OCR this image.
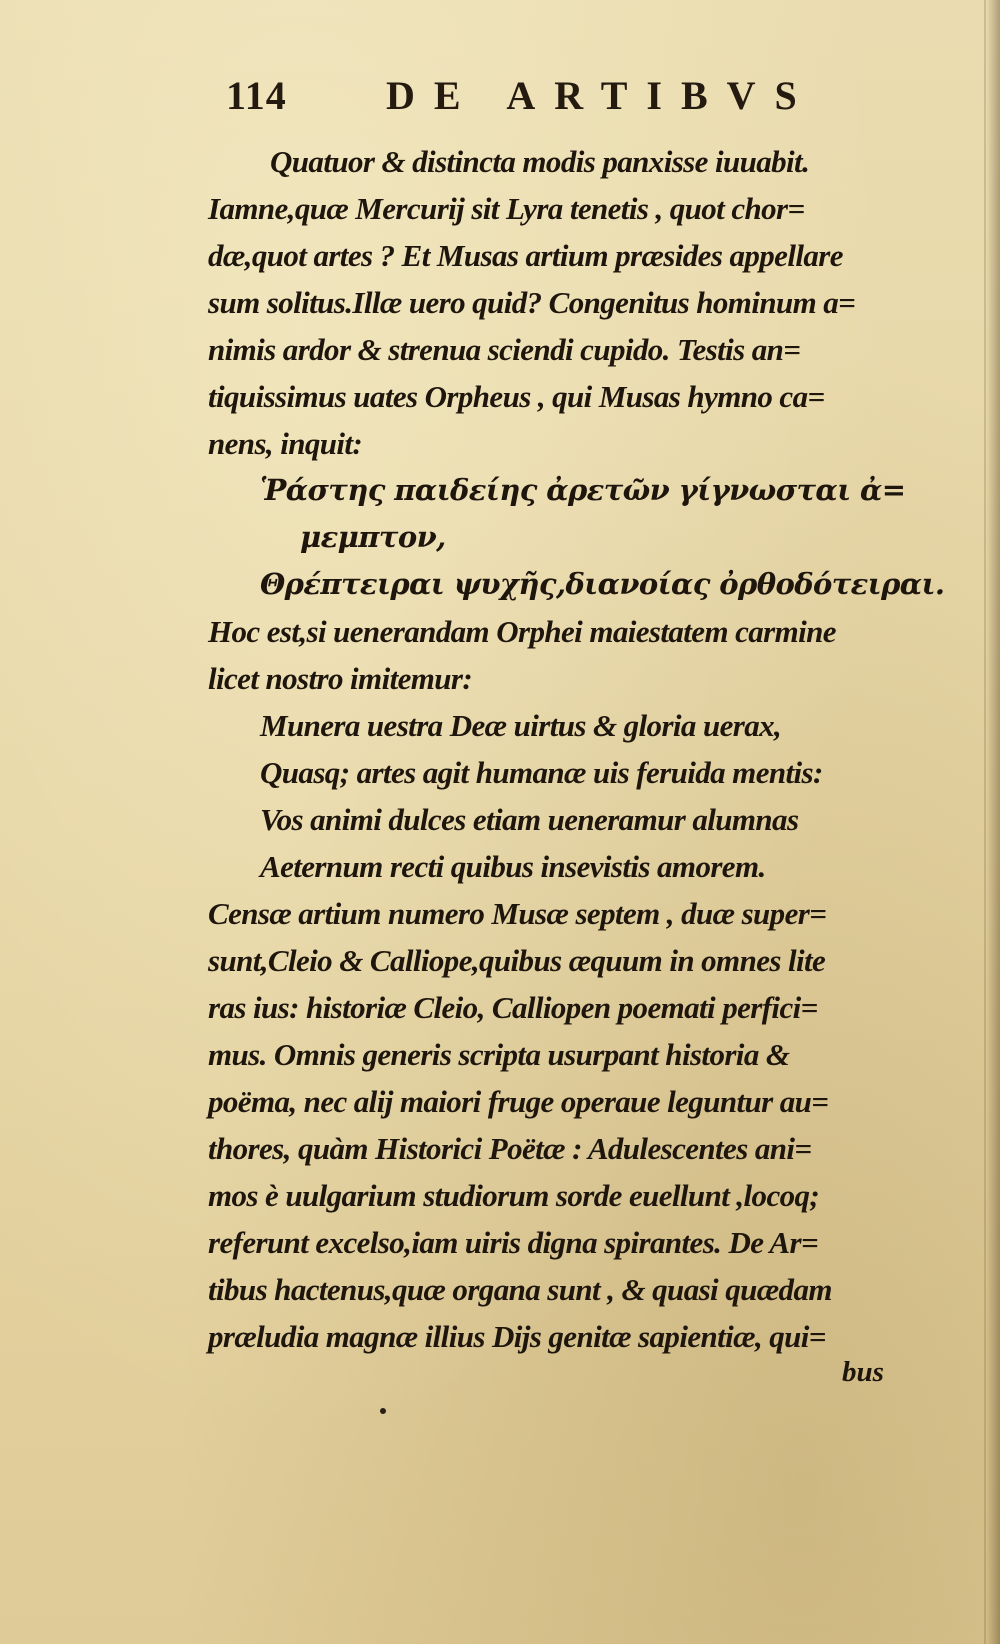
114 DE ARTIBVS
Quatuor & distincta modis panxisse iuuabit.
Iamne,quæ Mercurij sit Lyra tenetis , quot chor=
dæ,quot artes ? Et Musas artium præsides appellare
sum solitus.Illæ uero quid? Congenitus hominum a=
nimis ardor & strenua sciendi cupido. Testis an=
tiquissimus uates Orpheus , qui Musas hymno ca=
nens, inquit:
Ῥάστης παιδείης ἀρετῶν γίγνωσται ἀ=
μεμπτον,
Θρέπτειραι ψυχῆς,διανοίας ὀρθοδότειραι.
Hoc est,si uenerandam Orphei maiestatem carmine
licet nostro imitemur:
Munera uestra Deæ uirtus & gloria uerax,
Quasq; artes agit humanæ uis feruida mentis:
Vos animi dulces etiam ueneramur alumnas
Aeternum recti quibus insevistis amorem.
Censæ artium numero Musæ septem , duæ super=
sunt,Cleio & Calliope,quibus æquum in omnes lite
ras ius: historiæ Cleio, Calliopen poemati perfici=
mus. Omnis generis scripta usurpant historia &
poëma, nec alij maiori fruge operaue leguntur au=
thores, quàm Historici Poëtæ : Adulescentes ani=
mos è uulgarium studiorum sorde euellunt ,locoq;
referunt excelso,iam uiris digna spirantes. De Ar=
tibus hactenus,quæ organa sunt , & quasi quædam
præludia magnæ illius Dijs genitæ sapientiæ, qui=
bus
